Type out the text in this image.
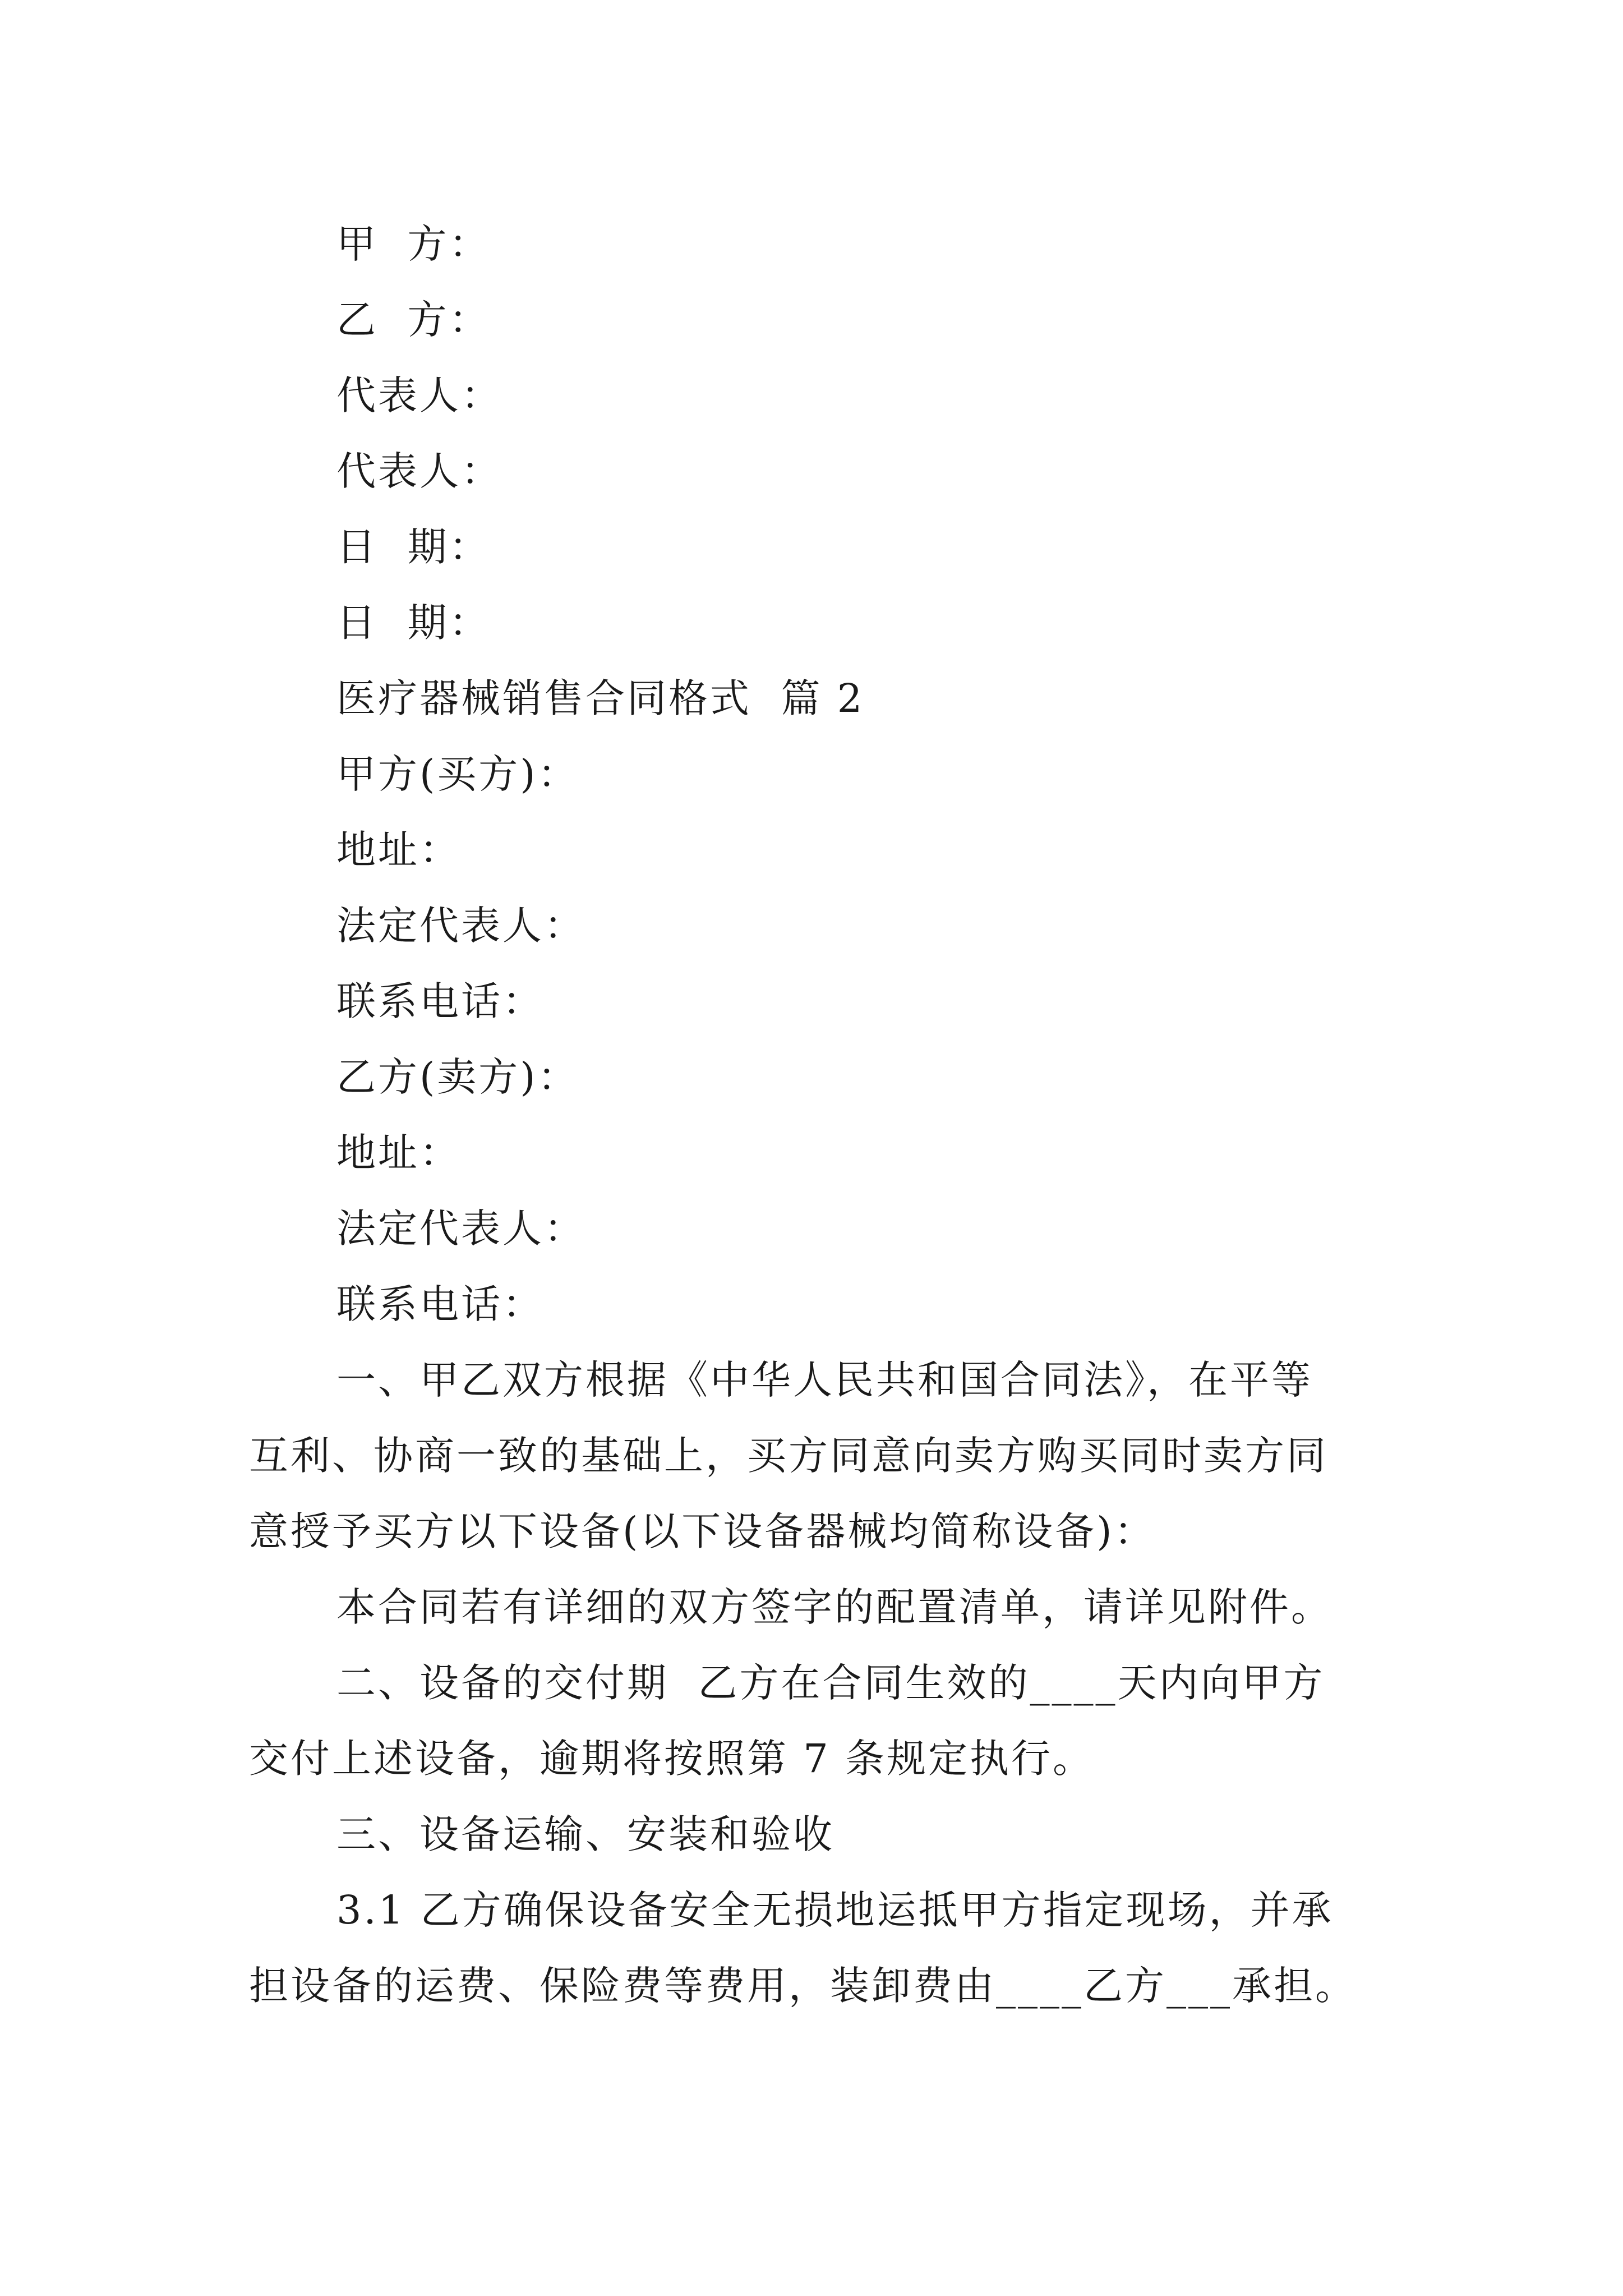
甲  方：
乙  方：
代表人：
代表人：
日  期：
日  期：
医疗器械销售合同格式  篇 2
甲方(买方)：
地址：
法定代表人：
联系电话：
乙方(卖方)：
地址：
法定代表人：
联系电话：
一、甲乙双方根据《中华人民共和国合同法》，在平等
互利、协商一致的基础上，买方同意向卖方购买同时卖方同
意授予买方以下设备(以下设备器械均简称设备)：
本合同若有详细的双方签字的配置清单，请详见附件。
二、设备的交付期  乙方在合同生效的____天内向甲方
交付上述设备，逾期将按照第 7 条规定执行。
三、设备运输、安装和验收
3.1 乙方确保设备安全无损地运抵甲方指定现场，并承
担设备的运费、保险费等费用，装卸费由____乙方___承担。
